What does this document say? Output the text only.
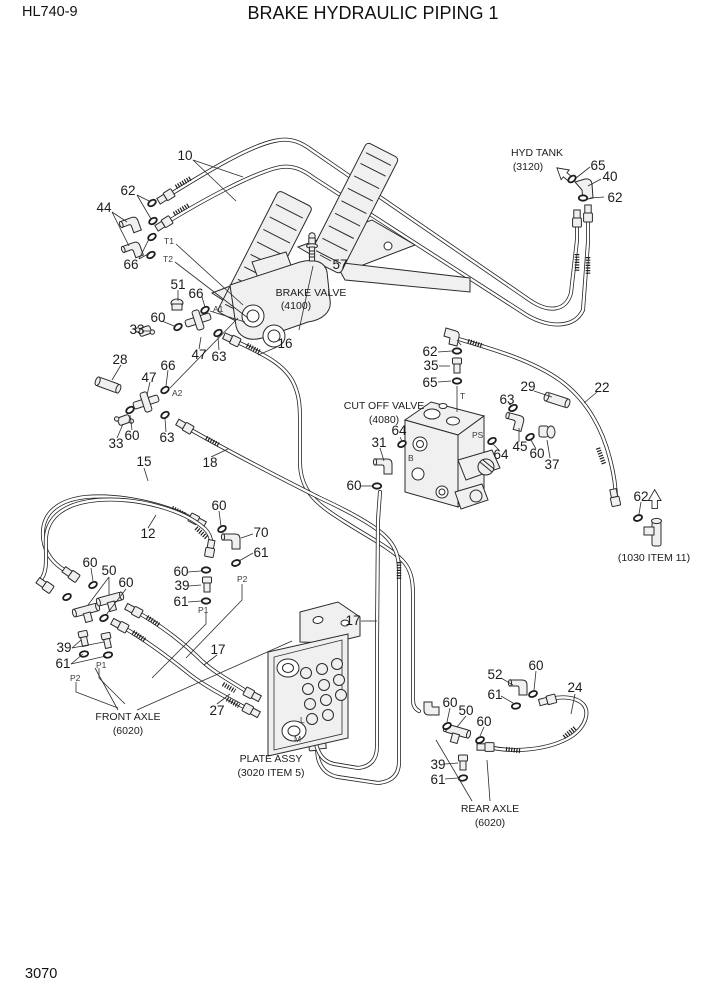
HL740-9	BRAKE HYDRAULIC PIPING 1
3070
10
62
44
66
51
66
57
65
40
62
60
33
47 63
16
28
47
66
33
60 63
15	18
62
35
65
64
31
29
63
64
45 60
37
60
22
62
60
12	70
61
60
39
61
60
50
60
39
61
17
27
17
52
60
61	24
60
50
60
39
61
T1
T2
A1
A2	T
B
PS
P2
P1
P1
P2
L
M
HYD TANK
(3120)
BRAKE VALVE
(4100)
CUT OFF VALVE
(4080)
FRONT AXLE
(6020)
PLATE ASSY
(3020 ITEM 5)
REAR AXLE
(6020)
(1030 ITEM 11)
